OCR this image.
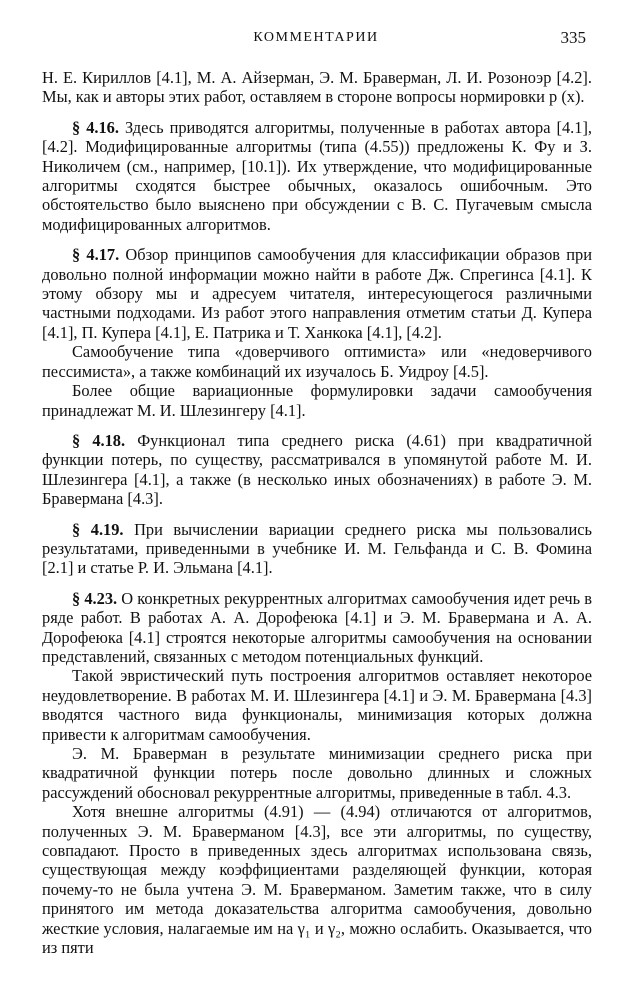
КОММЕНТАРИИ	335

Н. Е. Кириллов [4.1], М. А. Айзерман, Э. М. Браверман, Л. И. Розоноэр [4.2]. Мы, как и авторы этих работ, оставляем в стороне вопросы нормировки p (x).

§ 4.16. Здесь приводятся алгоритмы, полученные в работах автора [4.1], [4.2]. Модифицированные алгоритмы (типа (4.55)) предложены К. Фу и З. Николичем (см., например, [10.1]). Их утверждение, что модифицированные алгоритмы сходятся быстрее обычных, оказалось ошибочным. Это обстоятельство было выяснено при обсуждении с В. С. Пугачевым смысла модифицированных алгоритмов.

§ 4.17. Обзор принципов самообучения для классификации образов при довольно полной информации можно найти в работе Дж. Спрегинса [4.1]. К этому обзору мы и адресуем читателя, интересующегося различными частными подходами. Из работ этого направления отметим статьи Д. Купера [4.1], П. Купера [4.1], Е. Патрика и Т. Ханкока [4.1], [4.2].

Самообучение типа «доверчивого оптимиста» или «недоверчивого пессимиста», а также комбинаций их изучалось Б. Уидроу [4.5].

Более общие вариационные формулировки задачи самообучения принадлежат М. И. Шлезингеру [4.1].

§ 4.18. Функционал типа среднего риска (4.61) при квадратичной функции потерь, по существу, рассматривался в упомянутой работе М. И. Шлезингера [4.1], а также (в несколько иных обозначениях) в работе Э. М. Бравермана [4.3].

§ 4.19. При вычислении вариации среднего риска мы пользовались результатами, приведенными в учебнике И. М. Гельфанда и С. В. Фомина [2.1] и статье Р. И. Эльмана [4.1].

§ 4.23. О конкретных рекуррентных алгоритмах самообучения идет речь в ряде работ. В работах А. А. Дорофеюка [4.1] и Э. М. Бравермана и А. А. Дорофеюка [4.1] строятся некоторые алгоритмы самообучения на основании представлений, связанных с методом потенциальных функций.

Такой эвристический путь построения алгоритмов оставляет некоторое неудовлетворение. В работах М. И. Шлезингера [4.1] и Э. М. Бравермана [4.3] вводятся частного вида функционалы, минимизация которых должна привести к алгоритмам самообучения.

Э. М. Браверман в результате минимизации среднего риска при квадратичной функции потерь после довольно длинных и сложных рассуждений обосновал рекуррентные алгоритмы, приведенные в табл. 4.3.

Хотя внешне алгоритмы (4.91) — (4.94) отличаются от алгоритмов, полученных Э. М. Браверманом [4.3], все эти алгоритмы, по существу, совпадают. Просто в приведенных здесь алгоритмах использована связь, существующая между коэффициентами разделяющей функции, которая почему-то не была учтена Э. М. Браверманом. Заметим также, что в силу принятого им метода доказательства алгоритма самообучения, довольно жесткие условия, налагаемые им на γ₁ и γ₂, можно ослабить. Оказывается, что из пяти
